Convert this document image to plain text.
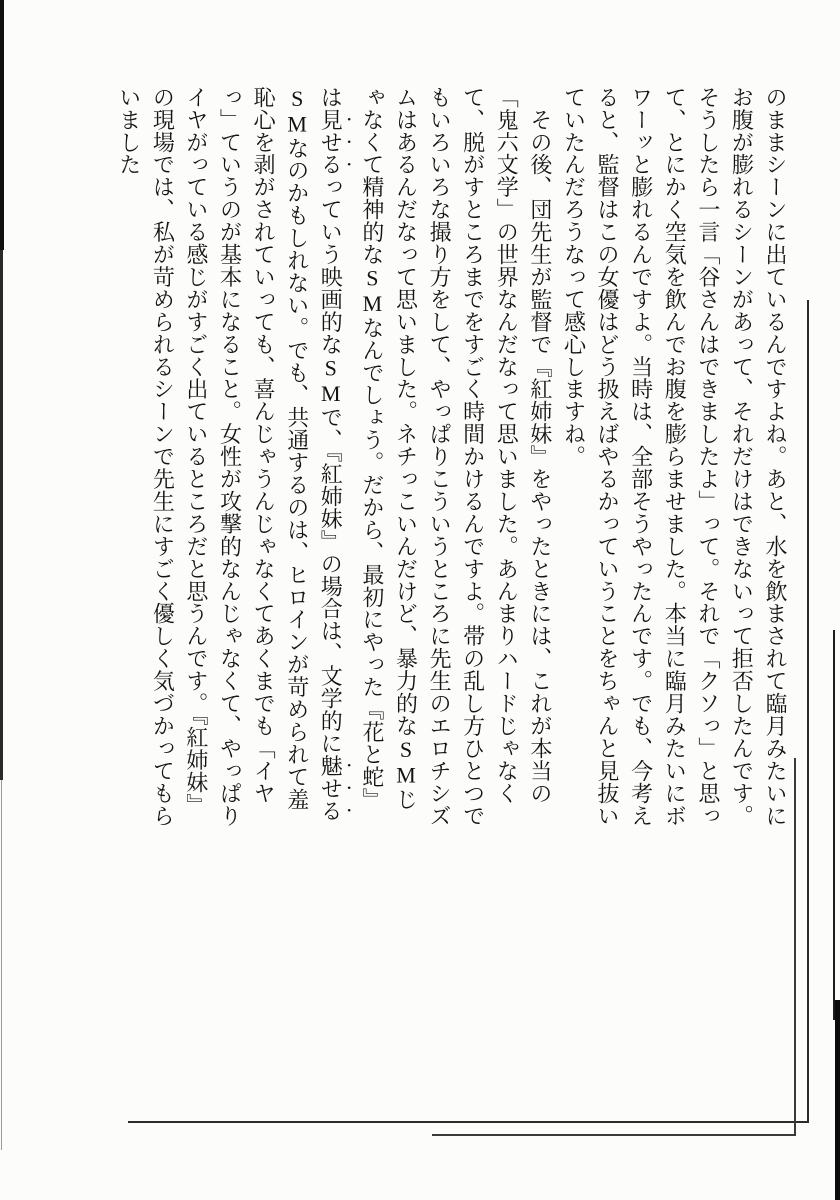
のままシーンに出ているんですよね。あと、水を飲まされて臨月みたいにお腹が膨れるシーンがあって、それだけはできないって拒否したんです。そうしたら一言「谷さんはできましたよ」って。それで「クソっ」と思って、とにかく空気を飲んでお腹を膨らませました。本当に臨月みたいにボワーッと膨れるんですよ。当時は、全部そうやったんです。でも、今考えると、監督はこの女優はどう扱えばやるかっていうことをちゃんと見抜いていたんだろうなって感心しますね。

　その後、団先生が監督で『紅姉妹』をやったときには、これが本当の「鬼六文学」の世界なんだなって思いました。あんまりハードじゃなくて、脱がすところまでをすごく時間かけるんですよ。帯の乱し方ひとつでもいろいろな撮り方をして、やっぱりこういうところに先生のエロチシズムはあるんだなって思いました。ネチっこいんだけど、暴力的なSMじゃなくて精神的なSMなんでしょう。だから、最初にやった『花と蛇』は見せるっていう映画的なSMで、『紅姉妹』の場合は、文学的に魅せるSMなのかもしれない。でも、共通するのは、ヒロインが苛められて羞恥心を剥がされていっても、喜んじゃうんじゃなくてあくまでも「イヤっ」ていうのが基本になること。女性が攻撃的なんじゃなくて、やっぱりイヤがっている感じがすごく出ているところだと思うんです。『紅姉妹』の現場では、私が苛められるシーンで先生にすごく優しく気づかってもらいました
